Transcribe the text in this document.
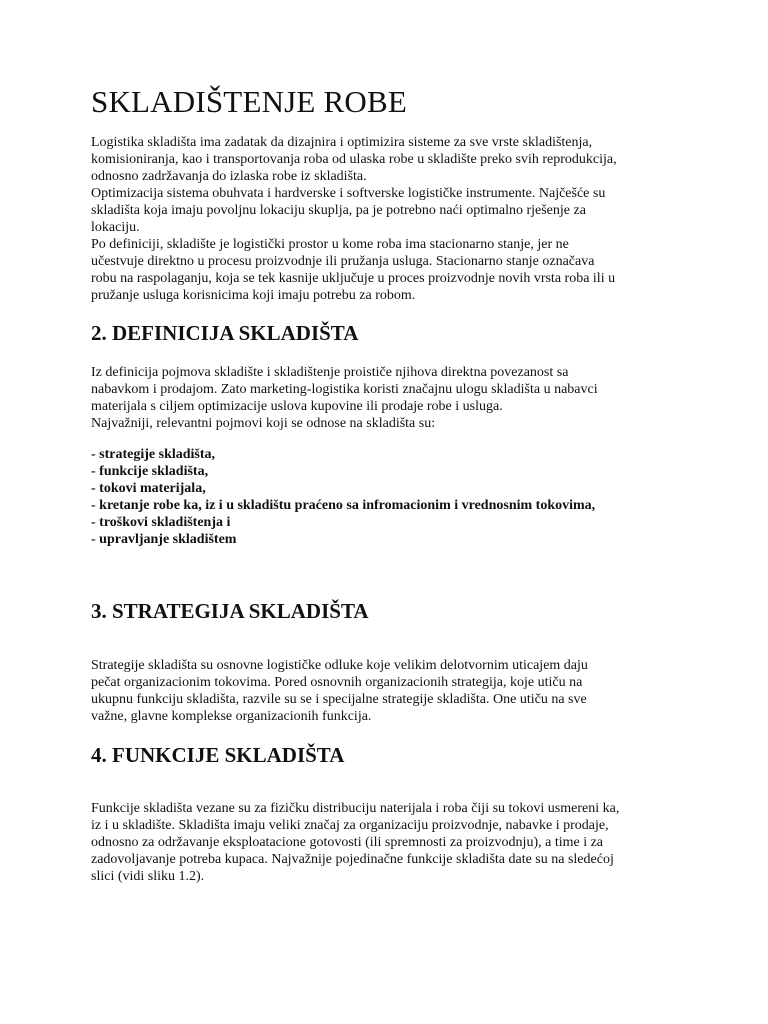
SKLADIŠTENJE ROBE

Logistika skladišta ima zadatak da dizajnira i optimizira sisteme za sve vrste skladištenja,
komisioniranja, kao i transportovanja roba od ulaska robe u skladište preko svih reprodukcija,
odnosno zadržavanja do izlaska robe iz skladišta.
Optimizacija sistema obuhvata i hardverske i softverske logističke instrumente. Najčešće su
skladišta koja imaju povoljnu lokaciju skuplja, pa je potrebno naći optimalno rješenje za
lokaciju.
Po definiciji, skladište je logistički prostor u kome roba ima stacionarno stanje, jer ne
učestvuje direktno u procesu proizvodnje ili pružanja usluga. Stacionarno stanje označava
robu na raspolaganju, koja se tek kasnije uključuje u proces proizvodnje novih vrsta roba ili u
pružanje usluga korisnicima koji imaju potrebu za robom.

2. DEFINICIJA SKLADIŠTA

Iz definicija pojmova skladište i skladištenje proističe njihova direktna povezanost sa
nabavkom i prodajom. Zato marketing-logistika koristi značajnu ulogu skladišta u nabavci
materijala s ciljem optimizacije uslova kupovine ili prodaje robe i usluga.
Najvažniji, relevantni pojmovi koji se odnose na skladišta su:

- strategije skladišta,
- funkcije skladišta,
- tokovi materijala,
- kretanje robe ka, iz i u skladištu praćeno sa infromacionim i vrednosnim tokovima,
- troškovi skladištenja i
- upravljanje skladištem
3. STRATEGIJA SKLADIŠTA

Strategije skladišta su osnovne logističke odluke koje velikim delotvornim uticajem daju
pečat organizacionim tokovima. Pored osnovnih organizacionih strategija, koje utiču na
ukupnu funkciju skladišta, razvile su se i specijalne strategije skladišta. One utiču na sve
važne, glavne komplekse organizacionih funkcija.

4. FUNKCIJE SKLADIŠTA

Funkcije skladišta vezane su za fizičku distribuciju naterijala i roba čiji su tokovi usmereni ka,
iz i u skladište. Skladišta imaju veliki značaj za organizaciju proizvodnje, nabavke i prodaje,
odnosno za održavanje eksploatacione gotovosti (ili spremnosti za proizvodnju), a time i za
zadovoljavanje potreba kupaca. Najvažnije pojedinačne funkcije skladišta date su na sledećoj
slici (vidi sliku 1.2).
